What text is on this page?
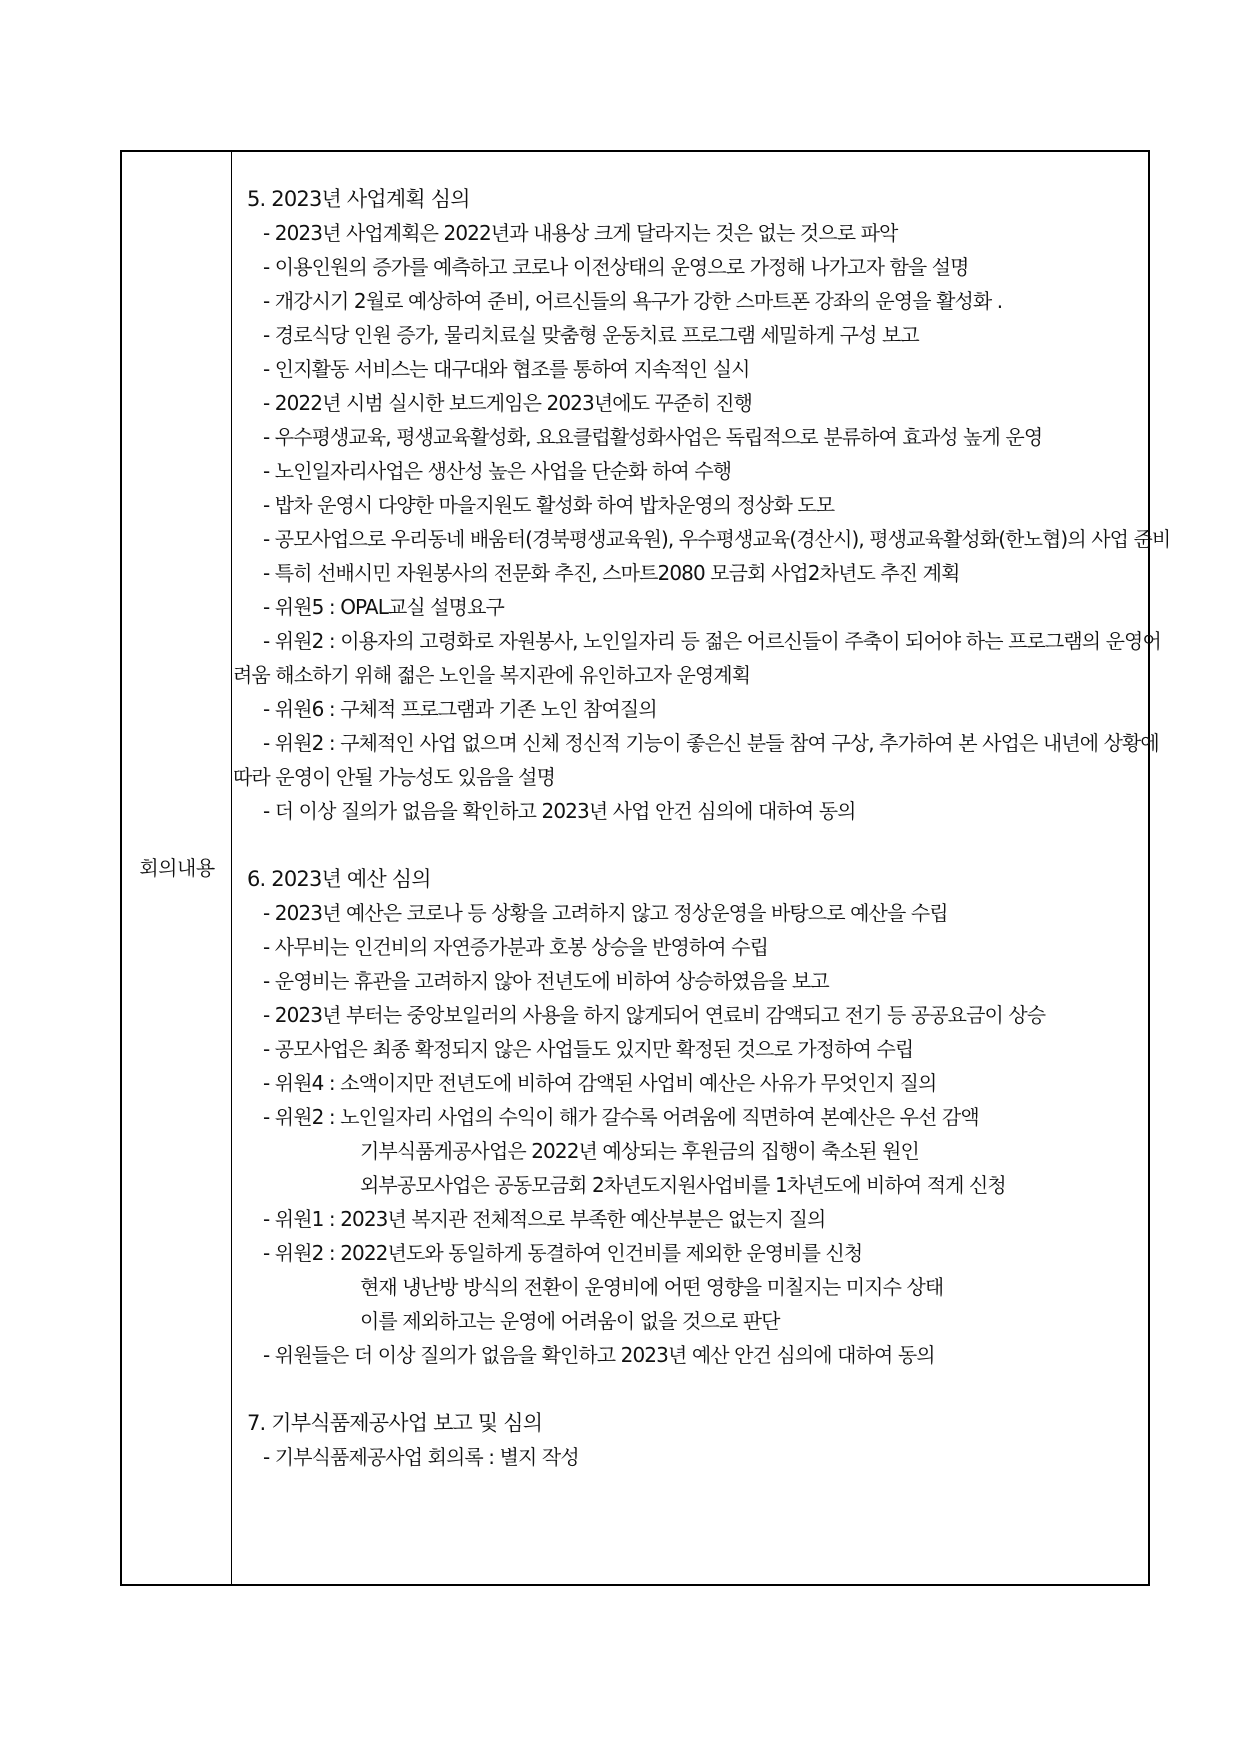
회의내용
5. 2023년 사업계획 심의
- 2023년 사업계획은 2022년과 내용상 크게 달라지는 것은 없는 것으로 파악
- 이용인원의 증가를 예측하고 코로나 이전상태의 운영으로 가정해 나가고자 함을 설명
- 개강시기 2월로 예상하여 준비, 어르신들의 욕구가 강한 스마트폰 강좌의 운영을 활성화 .
- 경로식당 인원 증가, 물리치료실 맞춤형 운동치료 프로그램 세밀하게 구성 보고
- 인지활동 서비스는 대구대와 협조를 통하여 지속적인 실시
- 2022년 시범 실시한 보드게임은 2023년에도 꾸준히 진행
- 우수평생교육, 평생교육활성화, 요요클럽활성화사업은 독립적으로 분류하여 효과성 높게 운영
- 노인일자리사업은 생산성 높은 사업을 단순화 하여 수행
- 밥차 운영시 다양한 마을지원도 활성화 하여 밥차운영의 정상화 도모
- 공모사업으로 우리동네 배움터(경북평생교육원), 우수평생교육(경산시), 평생교육활성화(한노협)의 사업 준비
- 특히 선배시민 자원봉사의 전문화 추진, 스마트2080 모금회 사업2차년도 추진 계획
- 위원5 : OPAL교실 설명요구
- 위원2 : 이용자의 고령화로 자원봉사, 노인일자리 등 젊은 어르신들이 주축이 되어야 하는 프로그램의 운영어
려움 해소하기 위해 젊은 노인을 복지관에 유인하고자 운영계획
- 위원6 : 구체적 프로그램과 기존 노인 참여질의
- 위원2 : 구체적인 사업 없으며 신체 정신적 기능이 좋은신 분들 참여 구상, 추가하여 본 사업은 내년에 상황에
따라 운영이 안될 가능성도 있음을 설명
- 더 이상 질의가 없음을 확인하고 2023년 사업 안건 심의에 대하여 동의
6. 2023년 예산 심의
- 2023년 예산은 코로나 등 상황을 고려하지 않고 정상운영을 바탕으로 예산을 수립
- 사무비는 인건비의 자연증가분과 호봉 상승을 반영하여 수립
- 운영비는 휴관을 고려하지 않아 전년도에 비하여 상승하였음을 보고
- 2023년 부터는 중앙보일러의 사용을 하지 않게되어 연료비 감액되고 전기 등 공공요금이 상승
- 공모사업은 최종 확정되지 않은 사업들도 있지만 확정된 것으로 가정하여 수립
- 위원4 : 소액이지만 전년도에 비하여 감액된 사업비 예산은 사유가 무엇인지 질의
- 위원2 : 노인일자리 사업의 수익이 해가 갈수록 어려움에 직면하여 본예산은 우선 감액
기부식품게공사업은 2022년 예상되는 후원금의 집행이 축소된 원인
외부공모사업은 공동모금회 2차년도지원사업비를 1차년도에 비하여 적게 신청
- 위원1 : 2023년 복지관 전체적으로 부족한 예산부분은 없는지 질의
- 위원2 : 2022년도와 동일하게 동결하여 인건비를 제외한 운영비를 신청
현재 냉난방 방식의 전환이 운영비에 어떤 영향을 미칠지는 미지수 상태
이를 제외하고는 운영에 어려움이 없을 것으로 판단
- 위원들은 더 이상 질의가 없음을 확인하고 2023년 예산 안건 심의에 대하여 동의
7. 기부식품제공사업 보고 및 심의
- 기부식품제공사업 회의록 : 별지 작성
